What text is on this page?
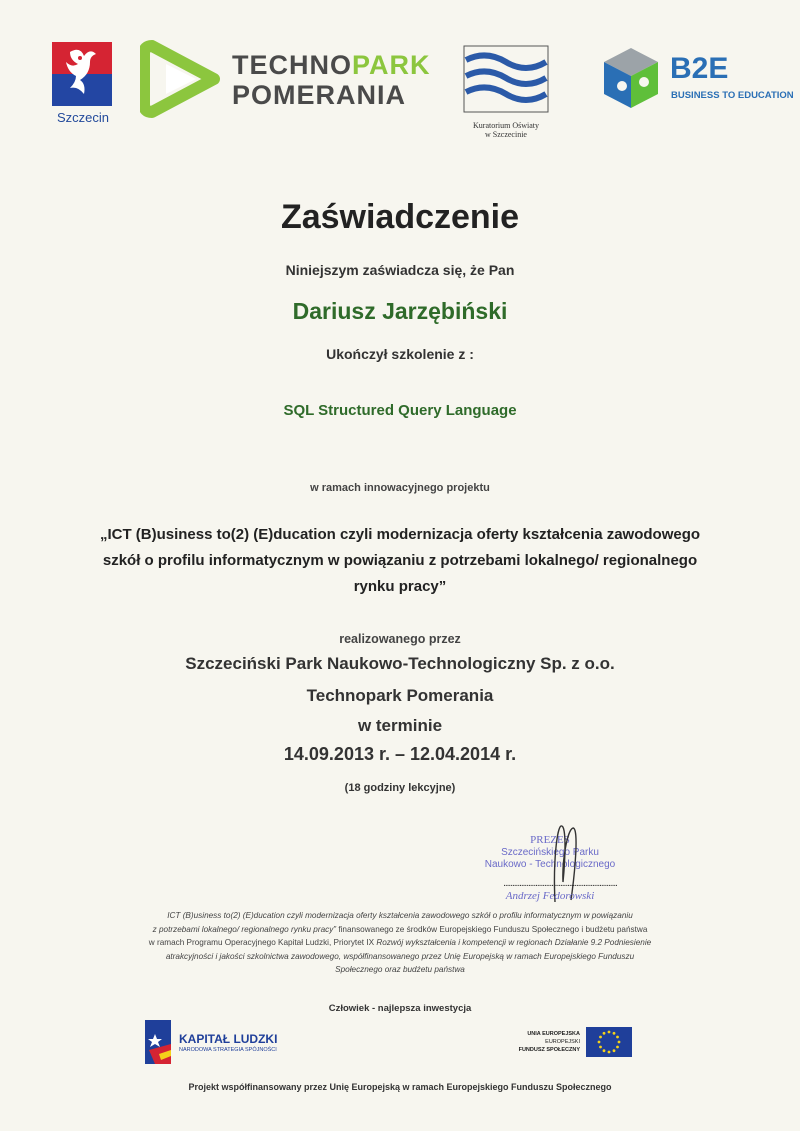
Szczecin
TECHNOPARK
POMERANIA
Kuratorium Oświaty
w Szczecinie
B2E
BUSINESS TO EDUCATION
Zaświadczenie
Niniejszym zaświadcza się, że Pan
Dariusz Jarzębiński
Ukończył szkolenie z :
SQL Structured Query Language
w ramach innowacyjnego projektu
„ICT (B)usiness to(2) (E)ducation czyli modernizacja oferty kształcenia zawodowego
szkół o profilu informatycznym w powiązaniu z potrzebami lokalnego/ regionalnego
rynku pracy”
realizowanego przez
Szczeciński Park Naukowo-Technologiczny Sp. z o.o.
Technopark Pomerania
w terminie
14.09.2013 r. – 12.04.2014 r.
(18 godziny lekcyjne)
PREZES
Szczecińskiego Parku
Naukowo - Technologicznego
................................................................
Andrzej Fedorowski
ICT (B)usiness to(2) (E)ducation czyli modernizacja oferty kształcenia zawodowego szkół o profilu informatycznym w powiązaniu
z potrzebami lokalnego/ regionalnego rynku pracy” finansowanego ze środków Europejskiego Funduszu Społecznego i budżetu państwa
w ramach Programu Operacyjnego Kapitał Ludzki, Priorytet IX Rozwój wykształcenia i kompetencji w regionach Działanie 9.2 Podniesienie
atrakcyjności i jakości szkolnictwa zawodowego, współfinansowanego przez Unię Europejską w ramach Europejskiego Funduszu
Społecznego oraz budżetu państwa
Człowiek - najlepsza inwestycja
KAPITAŁ LUDZKI
NARODOWA STRATEGIA SPÓJNOŚCI
UNIA EUROPEJSKA
EUROPEJSKI
FUNDUSZ SPOŁECZNY
Projekt współfinansowany przez Unię Europejską w ramach Europejskiego Funduszu Społecznego
